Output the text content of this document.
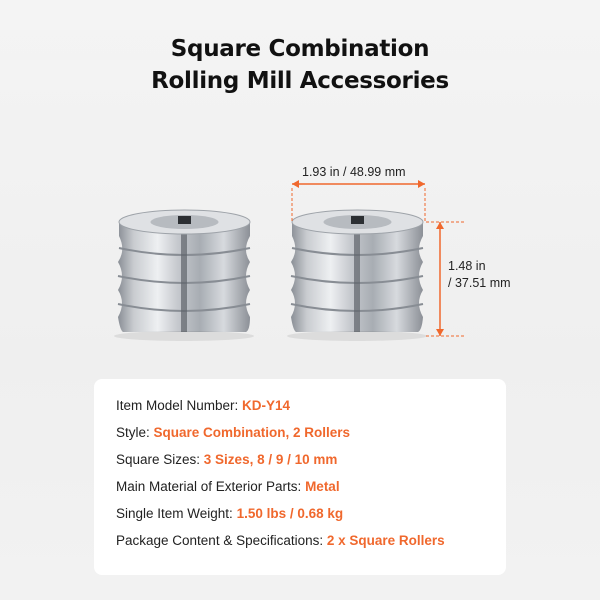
Square Combination
Rolling Mill Accessories
1.93 in / 48.99 mm
1.48 in
/ 37.51 mm
Item Model Number: KD-Y14
Style: Square Combination, 2 Rollers
Square Sizes: 3 Sizes, 8 / 9 / 10 mm
Main Material of Exterior Parts: Metal
Single Item Weight: 1.50 lbs / 0.68 kg
Package Content & Specifications: 2 x Square Rollers
